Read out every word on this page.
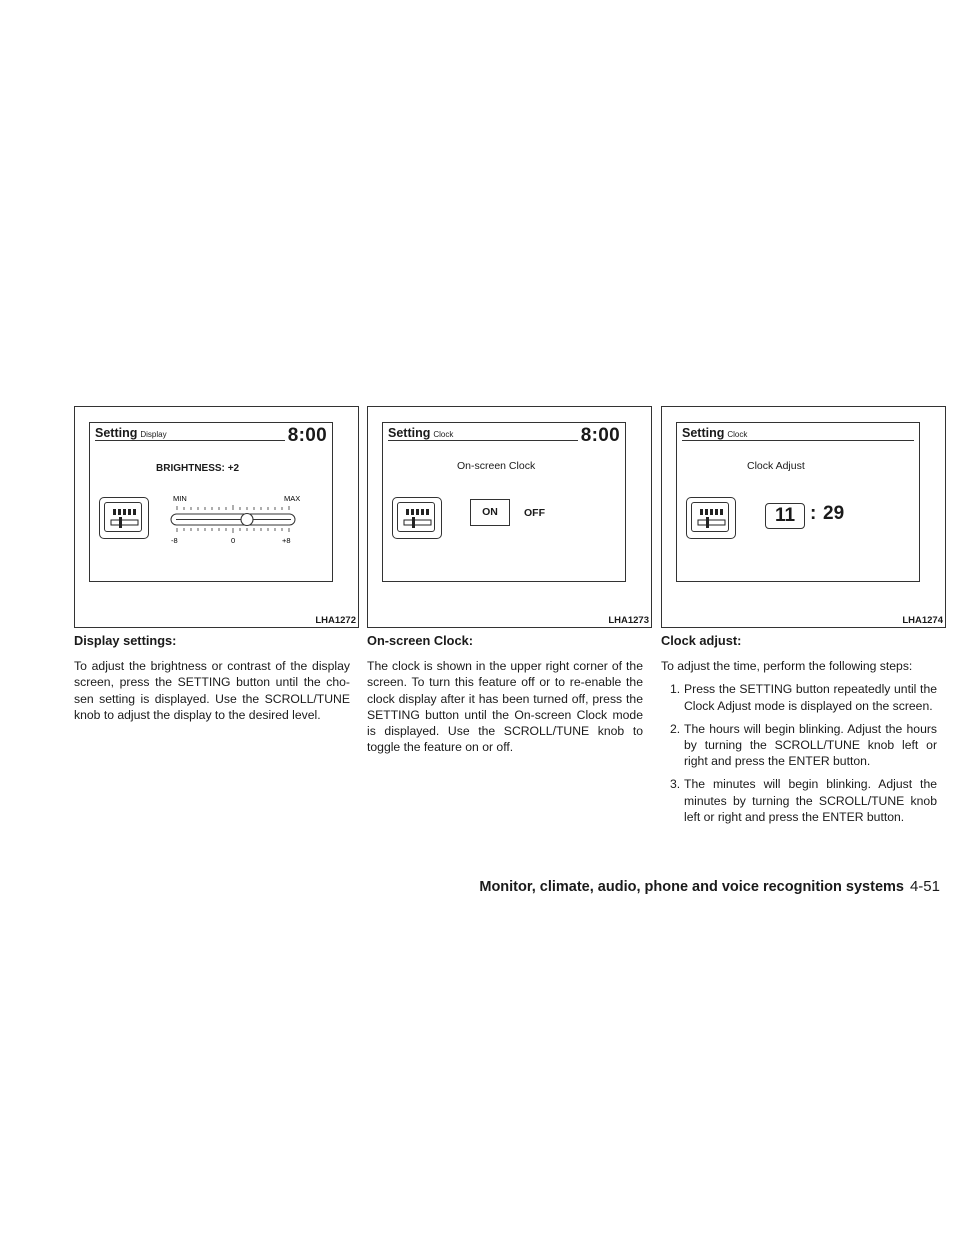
Setting Display	8:00
BRIGHTNESS: +2
MIN	MAX
-8	0	+8
LHA1272
Setting Clock	8:00
On-screen Clock
ON	OFF
LHA1273
Setting Clock
Clock Adjust
11 : 29
LHA1274
Display settings:

To adjust the brightness or contrast of the display screen, press the SETTING button until the cho-sen setting is displayed. Use the SCROLL/TUNE knob to adjust the display to the desired level.

On-screen Clock:

The clock is shown in the upper right corner of the screen. To turn this feature off or to re-enable the clock display after it has been turned off, press the SETTING button until the On-screen Clock mode is displayed. Use the SCROLL/TUNE knob to toggle the feature on or off.

Clock adjust:

To adjust the time, perform the following steps:

1. Press the SETTING button repeatedly until the Clock Adjust mode is displayed on the screen.
2. The hours will begin blinking. Adjust the hours by turning the SCROLL/TUNE knob left or right and press the ENTER button.
3. The minutes will begin blinking. Adjust the minutes by turning the SCROLL/TUNE knob left or right and press the ENTER button.
Monitor, climate, audio, phone and voice recognition systems 4-51
